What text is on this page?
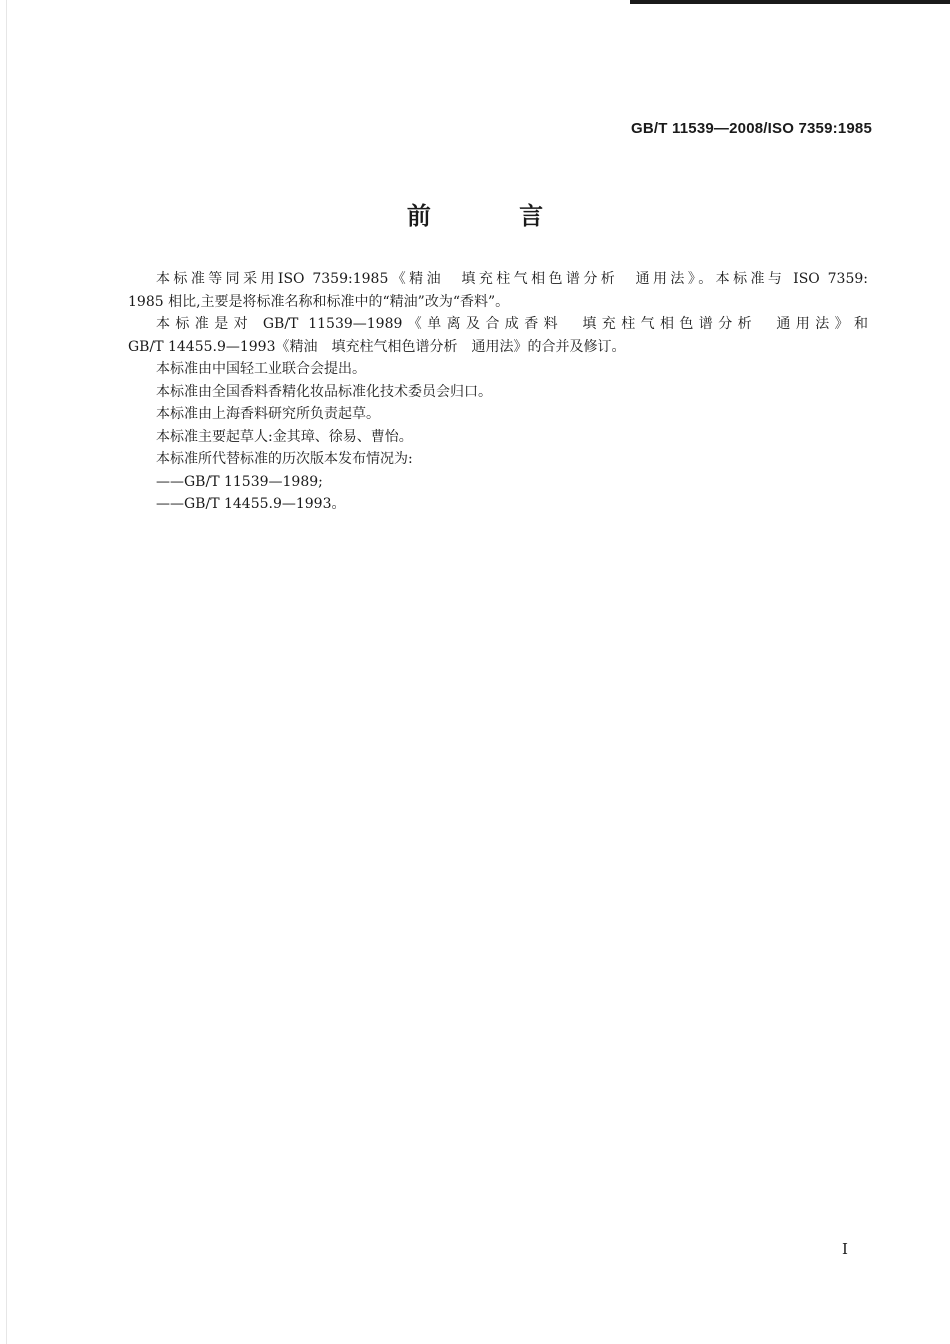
GB/T 11539—2008/ISO 7359:1985
前 言

本标准等同采用ISO 7359:1985《精油　填充柱气相色谱分析　通用法》。本标准与 ISO 7359:

1985 相比,主要是将标准名称和标准中的“精油”改为“香料”。

本标准是对 GB/T 11539—1989《单离及合成香料　填充柱气相色谱分析　通用法》和

GB/T 14455.9—1993《精油　填充柱气相色谱分析　通用法》的合并及修订。

本标准由中国轻工业联合会提出。

本标准由全国香料香精化妆品标准化技术委员会归口。

本标准由上海香料研究所负责起草。

本标准主要起草人:金其璋、徐易、曹怡。

本标准所代替标准的历次版本发布情况为:

——GB/T 11539—1989;

——GB/T 14455.9—1993。

I
